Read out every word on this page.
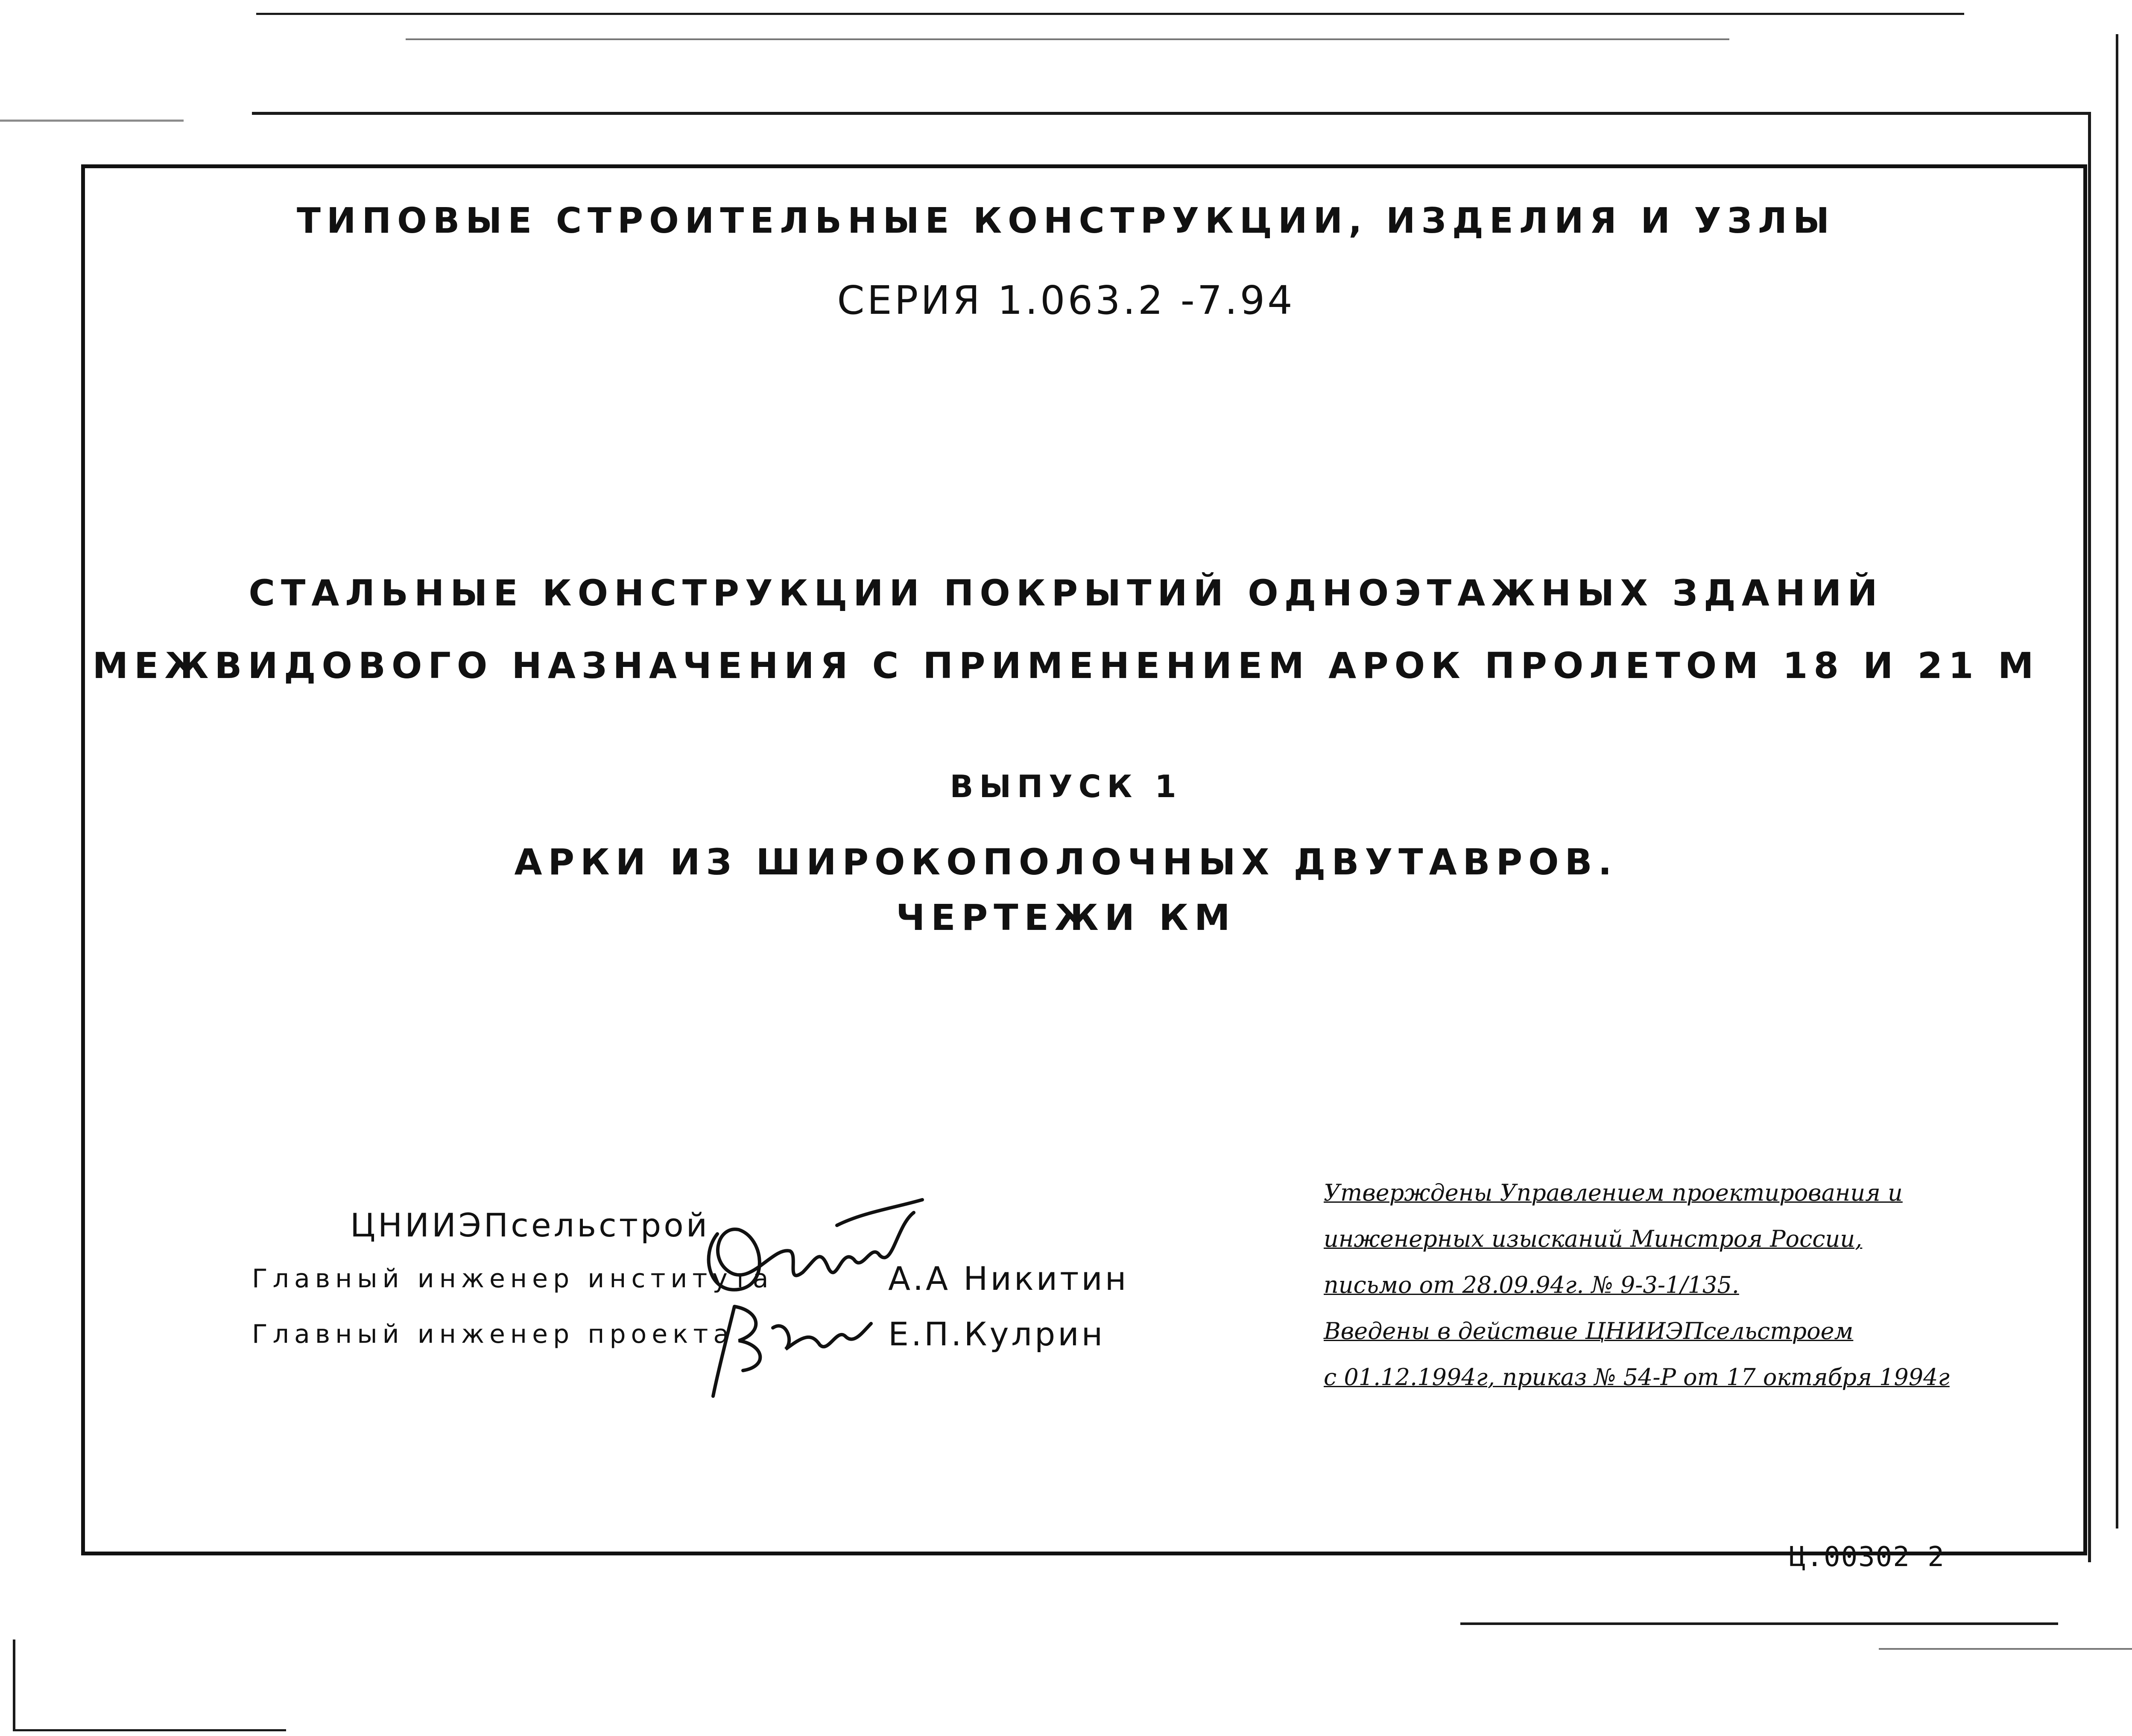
ТИПОВЫЕ СТРОИТЕЛЬНЫЕ КОНСТРУКЦИИ, ИЗДЕЛИЯ И УЗЛЫ
СЕРИЯ 1.063.2 -7.94
СТАЛЬНЫЕ КОНСТРУКЦИИ ПОКРЫТИЙ ОДНОЭТАЖНЫХ ЗДАНИЙ
МЕЖВИДОВОГО НАЗНАЧЕНИЯ С ПРИМЕНЕНИЕМ АРОК ПРОЛЕТОМ 18 И 21 М
ВЫПУСК 1
АРКИ ИЗ ШИРОКОПОЛОЧНЫХ ДВУТАВРОВ.
ЧЕРТЕЖИ КМ
ЦНИИЭПсельстрой
Главный инженер института	А.А Никитин
Главный инженер проекта	Е.П.Кулрин
Утверждены Управлением проектирования и
инженерных изысканий Минстроя России,
письмо от 28.09.94г. № 9-3-1/135.
Введены в действие ЦНИИЭПсельстроем
с 01.12.1994г, приказ № 54-Р от 17 октября 1994г
Ц.00302 2
